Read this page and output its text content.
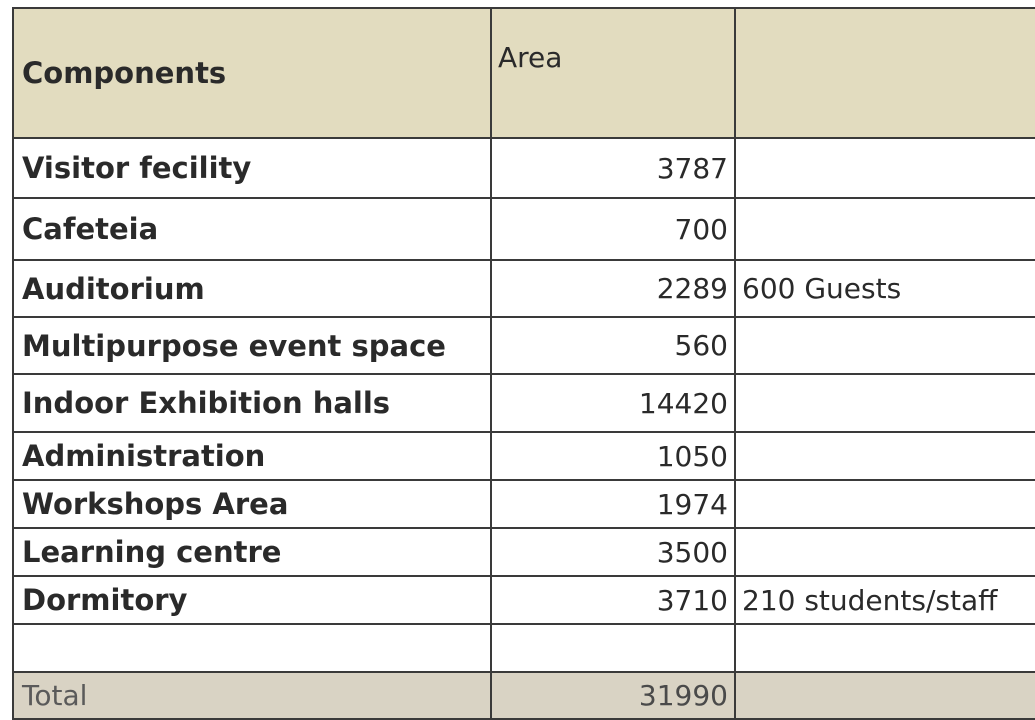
Components	Area	
Visitor fecility	3787	
Cafeteia	700	
Auditorium	2289	600 Guests
Multipurpose event space	560	
Indoor Exhibition halls	14420	
Administration	1050	
Workshops Area	1974	
Learning centre	3500	
Dormitory	3710	210 students/staff

Total	31990	
